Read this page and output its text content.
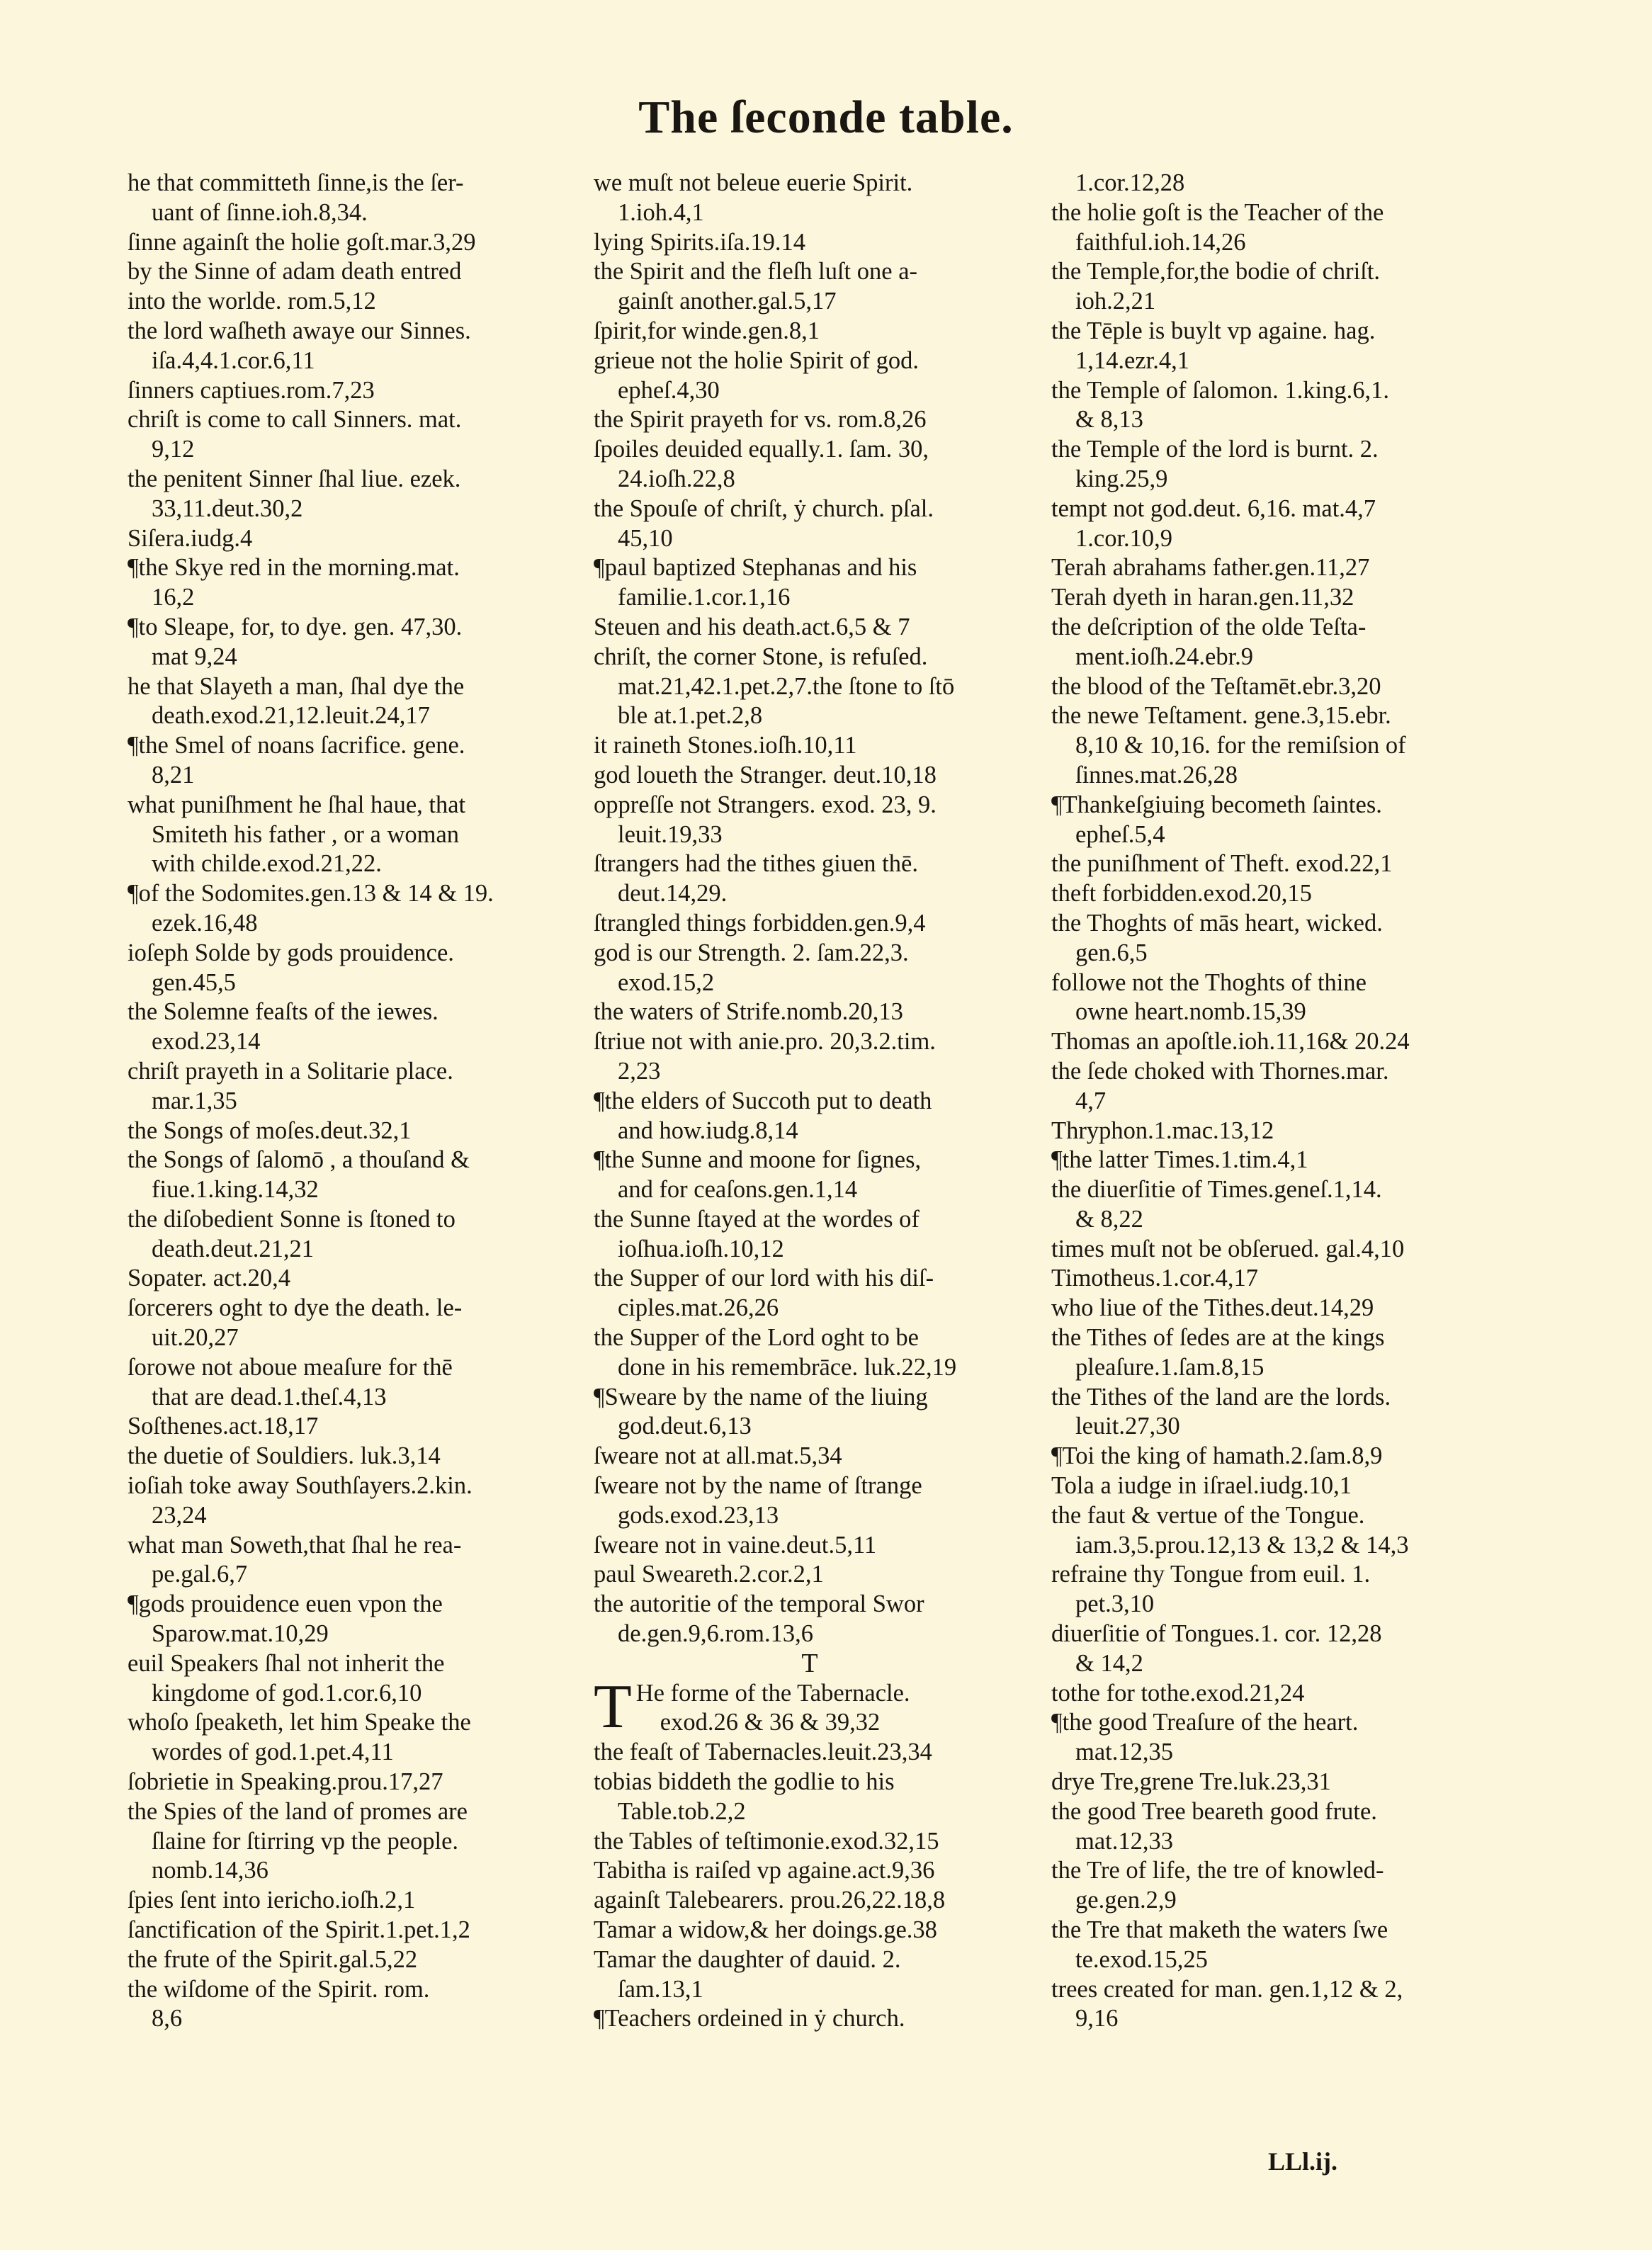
The ſeconde table.
he that committeth ſinne,is the ſer-
uant of ſinne.ioh.8,34.
ſinne againſt the holie goſt.mar.3,29
by the Sinne of adam death entred
into the worlde. rom.5,12
the lord waſheth awaye our Sinnes.
iſa.4,4.1.cor.6,11
ſinners captiues.rom.7,23
chriſt is come to call Sinners. mat.
9,12
the penitent Sinner ſhal liue. ezek.
33,11.deut.30,2
Siſera.iudg.4
¶the Skye red in the morning.mat.
16,2
¶to Sleape, for, to dye. gen. 47,30.
mat 9,24
he that Slayeth a man, ſhal dye the
death.exod.21,12.leuit.24,17
¶the Smel of noans ſacrifice. gene.
8,21
what puniſhment he ſhal haue, that
Smiteth his father , or a woman
with childe.exod.21,22.
¶of the Sodomites.gen.13 & 14 & 19.
ezek.16,48
ioſeph Solde by gods prouidence.
gen.45,5
the Solemne feaſts of the iewes.
exod.23,14
chriſt prayeth in a Solitarie place.
mar.1,35
the Songs of moſes.deut.32,1
the Songs of ſalomō , a thouſand &
fiue.1.king.14,32
the diſobedient Sonne is ſtoned to
death.deut.21,21
Sopater. act.20,4
ſorcerers oght to dye the death. le-
uit.20,27
ſorowe not aboue meaſure for thē
that are dead.1.theſ.4,13
Soſthenes.act.18,17
the duetie of Souldiers. luk.3,14
ioſiah toke away Southſayers.2.kin.
23,24
what man Soweth,that ſhal he rea-
pe.gal.6,7
¶gods prouidence euen vpon the
Sparow.mat.10,29
euil Speakers ſhal not inherit the
kingdome of god.1.cor.6,10
whoſo ſpeaketh, let him Speake the
wordes of god.1.pet.4,11
ſobrietie in Speaking.prou.17,27
the Spies of the land of promes are
ſlaine for ſtirring vp the people.
nomb.14,36
ſpies ſent into iericho.ioſh.2,1
ſanctification of the Spirit.1.pet.1,2
the frute of the Spirit.gal.5,22
the wiſdome of the Spirit. rom.
8,6
we muſt not beleue euerie Spirit.
1.ioh.4,1
lying Spirits.iſa.19.14
the Spirit and the fleſh luſt one a-
gainſt another.gal.5,17
ſpirit,for winde.gen.8,1
grieue not the holie Spirit of god.
epheſ.4,30
the Spirit prayeth for vs. rom.8,26
ſpoiles deuided equally.1. ſam. 30,
24.ioſh.22,8
the Spouſe of chriſt, ẏ church. pſal.
45,10
¶paul baptized Stephanas and his
familie.1.cor.1,16
Steuen and his death.act.6,5 & 7
chriſt, the corner Stone, is refuſed.
mat.21,42.1.pet.2,7.the ſtone to ſtō
ble at.1.pet.2,8
it raineth Stones.ioſh.10,11
god loueth the Stranger. deut.10,18
oppreſſe not Strangers. exod. 23, 9.
leuit.19,33
ſtrangers had the tithes giuen thē.
deut.14,29.
ſtrangled things forbidden.gen.9,4
god is our Strength. 2. ſam.22,3.
exod.15,2
the waters of Strife.nomb.20,13
ſtriue not with anie.pro. 20,3.2.tim.
2,23
¶the elders of Succoth put to death
and how.iudg.8,14
¶the Sunne and moone for ſignes,
and for ceaſons.gen.1,14
the Sunne ſtayed at the wordes of
ioſhua.ioſh.10,12
the Supper of our lord with his diſ-
ciples.mat.26,26
the Supper of the Lord oght to be
done in his remembrāce. luk.22,19
¶Sweare by the name of the liuing
god.deut.6,13
ſweare not at all.mat.5,34
ſweare not by the name of ſtrange
gods.exod.23,13
ſweare not in vaine.deut.5,11
paul Sweareth.2.cor.2,1
the autoritie of the temporal Swor
de.gen.9,6.rom.13,6
T
T He forme of the Tabernacle.
exod.26 & 36 & 39,32
the feaſt of Tabernacles.leuit.23,34
tobias biddeth the godlie to his
Table.tob.2,2
the Tables of teſtimonie.exod.32,15
Tabitha is raiſed vp againe.act.9,36
againſt Talebearers. prou.26,22.18,8
Tamar a widow,& her doings.ge.38
Tamar the daughter of dauid. 2.
ſam.13,1
¶Teachers ordeined in ẏ church.
1.cor.12,28
the holie goſt is the Teacher of the
faithful.ioh.14,26
the Temple,for,the bodie of chriſt.
ioh.2,21
the Tēple is buylt vp againe. hag.
1,14.ezr.4,1
the Temple of ſalomon. 1.king.6,1.
& 8,13
the Temple of the lord is burnt. 2.
king.25,9
tempt not god.deut. 6,16. mat.4,7
1.cor.10,9
Terah abrahams father.gen.11,27
Terah dyeth in haran.gen.11,32
the deſcription of the olde Teſta-
ment.ioſh.24.ebr.9
the blood of the Teſtamēt.ebr.3,20
the newe Teſtament. gene.3,15.ebr.
8,10 & 10,16. for the remiſsion of
ſinnes.mat.26,28
¶Thankeſgiuing becometh ſaintes.
epheſ.5,4
the puniſhment of Theft. exod.22,1
theft forbidden.exod.20,15
the Thoghts of mās heart, wicked.
gen.6,5
followe not the Thoghts of thine
owne heart.nomb.15,39
Thomas an apoſtle.ioh.11,16& 20.24
the ſede choked with Thornes.mar.
4,7
Thryphon.1.mac.13,12
¶the latter Times.1.tim.4,1
the diuerſitie of Times.geneſ.1,14.
& 8,22
times muſt not be obſerued. gal.4,10
Timotheus.1.cor.4,17
who liue of the Tithes.deut.14,29
the Tithes of ſedes are at the kings
pleaſure.1.ſam.8,15
the Tithes of the land are the lords.
leuit.27,30
¶Toi the king of hamath.2.ſam.8,9
Tola a iudge in iſrael.iudg.10,1
the faut & vertue of the Tongue.
iam.3,5.prou.12,13 & 13,2 & 14,3
refraine thy Tongue from euil. 1.
pet.3,10
diuerſitie of Tongues.1. cor. 12,28
& 14,2
tothe for tothe.exod.21,24
¶the good Treaſure of the heart.
mat.12,35
drye Tre,grene Tre.luk.23,31
the good Tree beareth good frute.
mat.12,33
the Tre of life, the tre of knowled-
ge.gen.2,9
the Tre that maketh the waters ſwe
te.exod.15,25
trees created for man. gen.1,12 & 2,
9,16
LLl.ij.
